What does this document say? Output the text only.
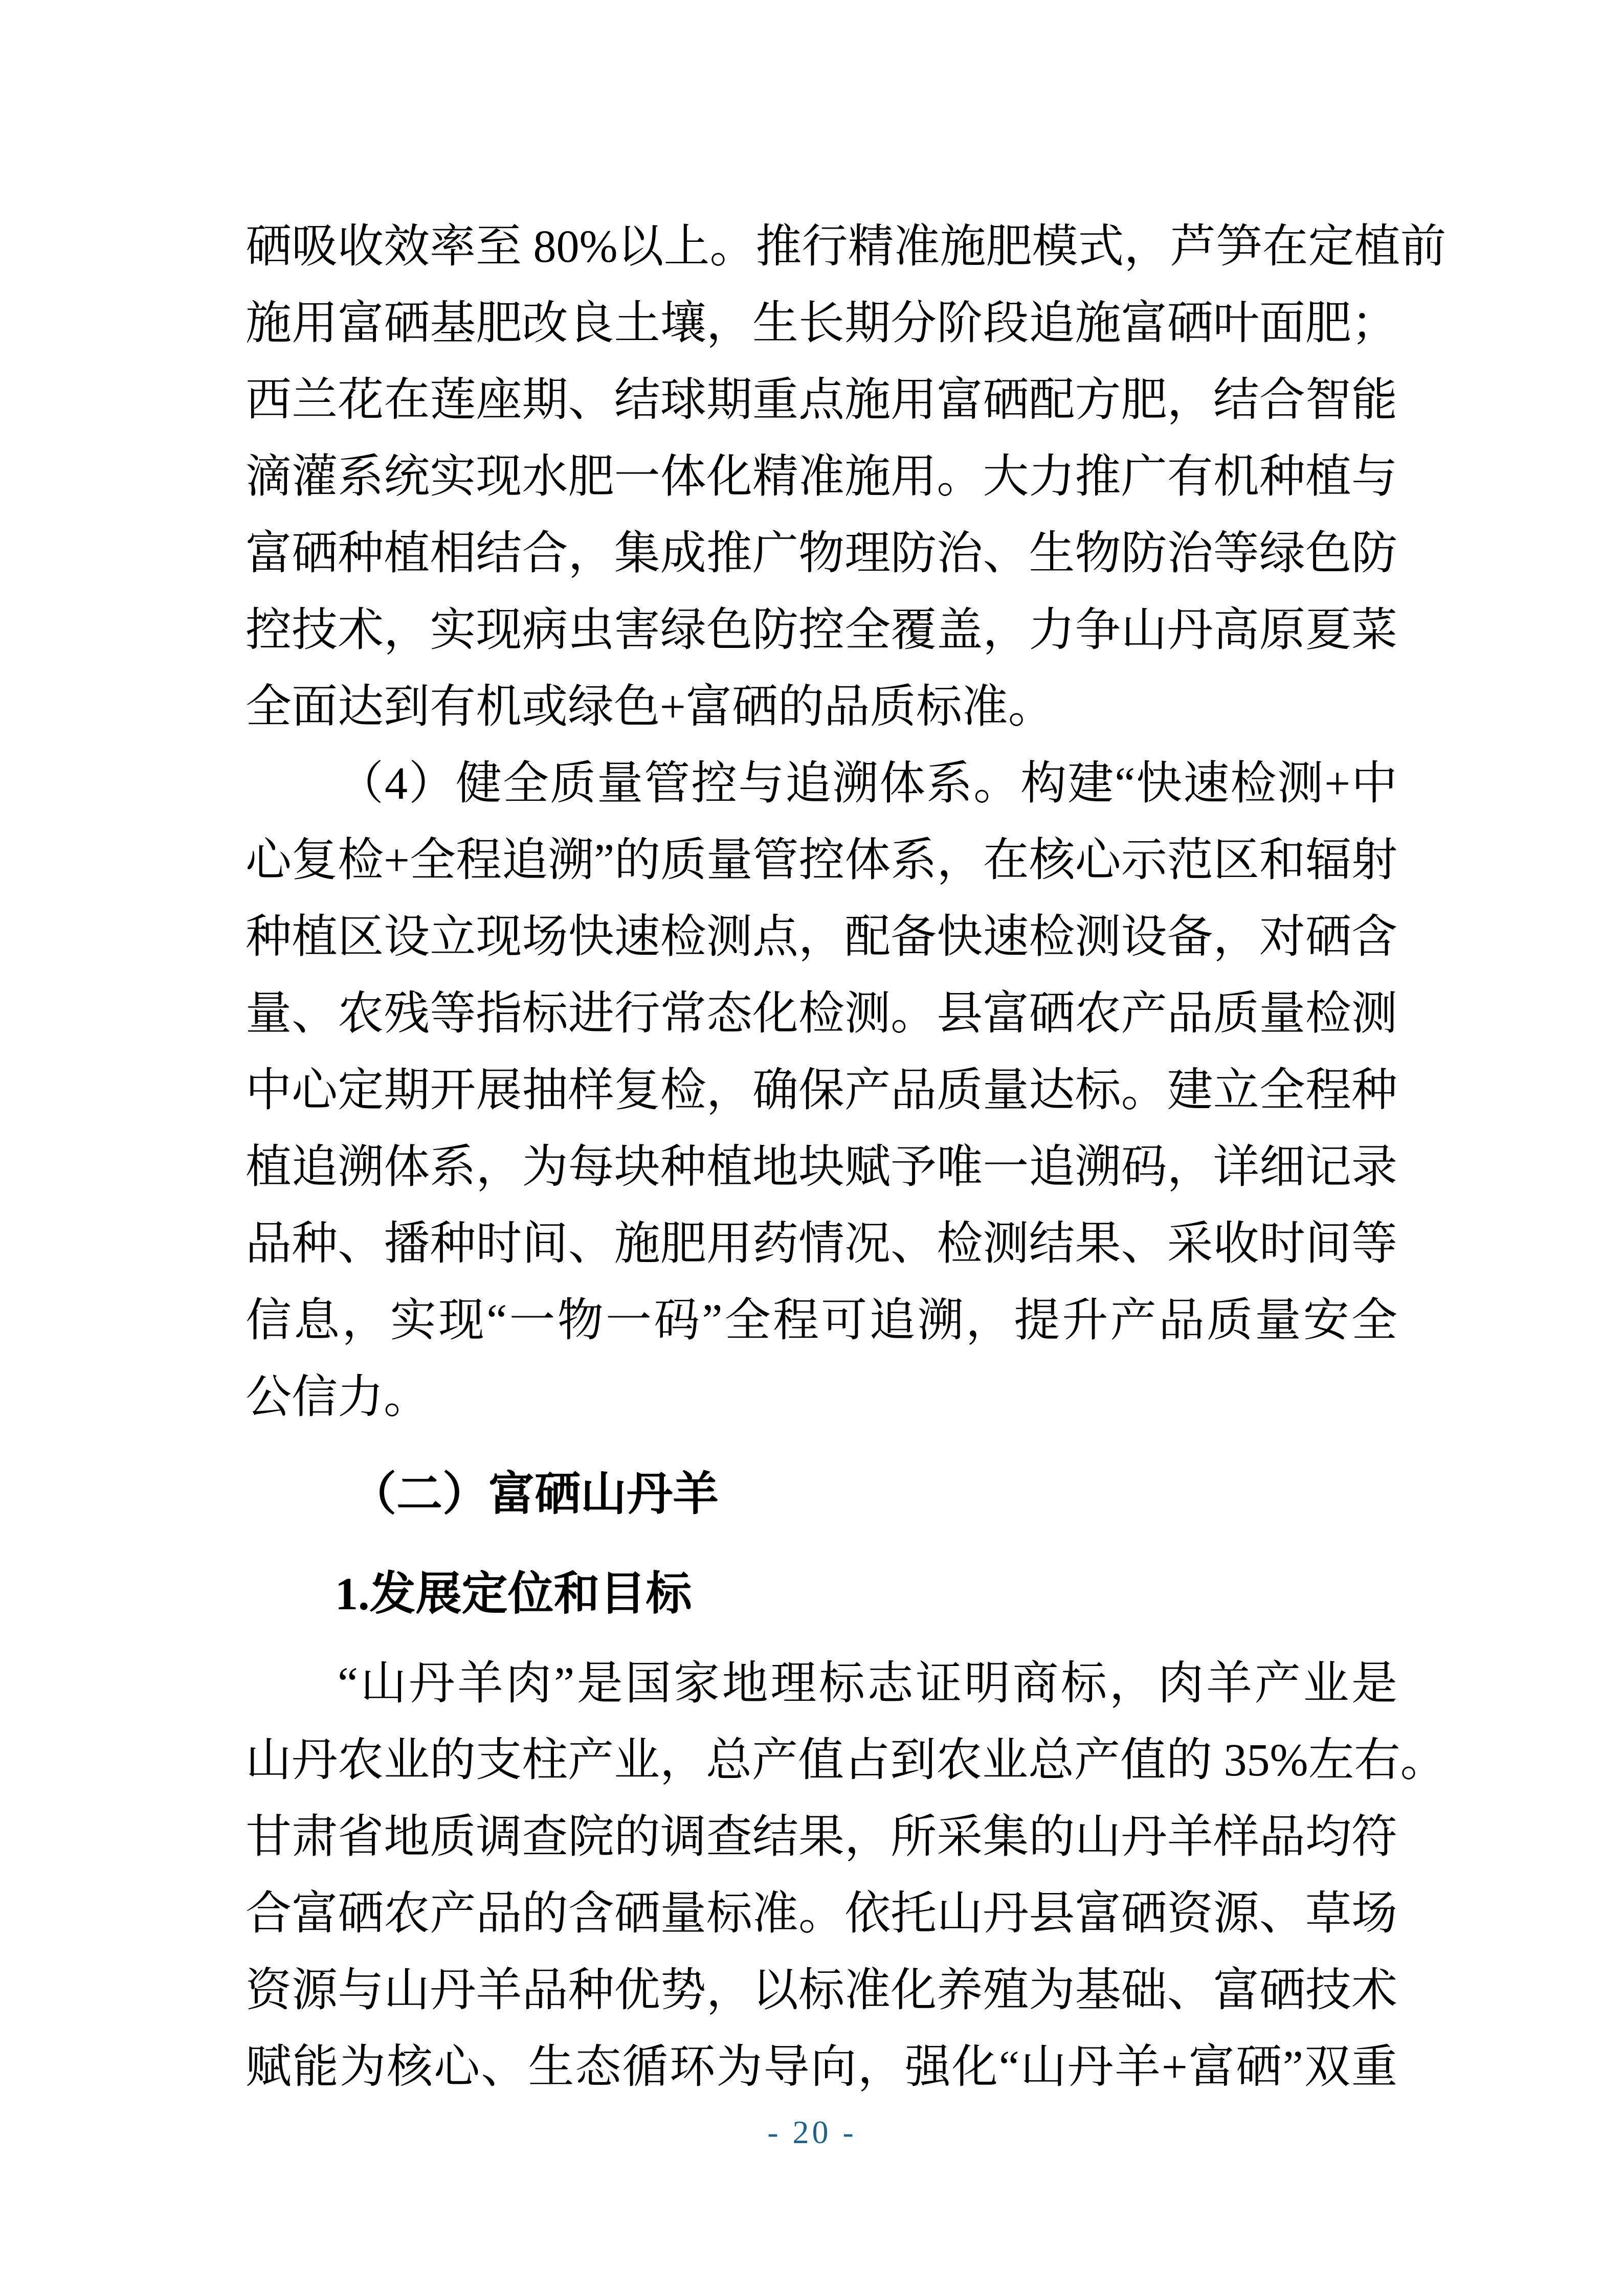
硒吸收效率至 80%以上。推行精准施肥模式，芦笋在定植前
施用富硒基肥改良土壤，生长期分阶段追施富硒叶面肥；
西兰花在莲座期、结球期重点施用富硒配方肥，结合智能
滴灌系统实现水肥一体化精准施用。大力推广有机种植与
富硒种植相结合，集成推广物理防治、生物防治等绿色防
控技术，实现病虫害绿色防控全覆盖，力争山丹高原夏菜
全面达到有机或绿色+富硒的品质标准。
（4）健全质量管控与追溯体系。构建“快速检测+中
心复检+全程追溯”的质量管控体系，在核心示范区和辐射
种植区设立现场快速检测点，配备快速检测设备，对硒含
量、农残等指标进行常态化检测。县富硒农产品质量检测
中心定期开展抽样复检，确保产品质量达标。建立全程种
植追溯体系，为每块种植地块赋予唯一追溯码，详细记录
品种、播种时间、施肥用药情况、检测结果、采收时间等
信息，实现“一物一码”全程可追溯，提升产品质量安全
公信力。
（二）富硒山丹羊
1.发展定位和目标
“山丹羊肉”是国家地理标志证明商标，肉羊产业是
山丹农业的支柱产业，总产值占到农业总产值的 35%左右。
甘肃省地质调查院的调查结果，所采集的山丹羊样品均符
合富硒农产品的含硒量标准。依托山丹县富硒资源、草场
资源与山丹羊品种优势，以标准化养殖为基础、富硒技术
赋能为核心、生态循环为导向，强化“山丹羊+富硒”双重
- 20 -
